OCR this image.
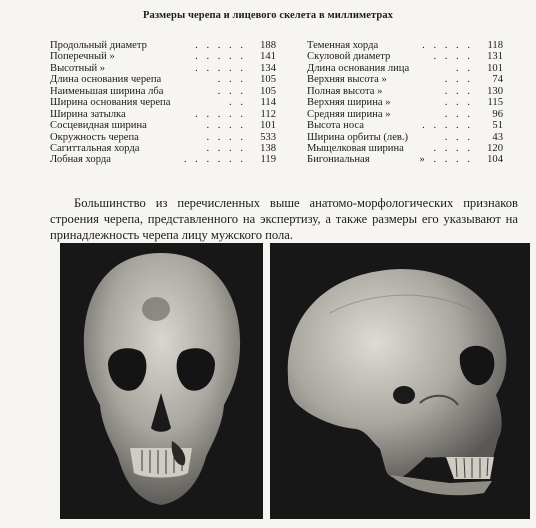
Размеры черепа и лицевого скелета в миллиметрах
Продольный диаметр	. . . . . 188
Поперечный »	. . . . . 141
Высотный »	. . . . . 134
Длина основания черепа	. . . 105
Наименьшая ширина лба	. . . 105
Ширина основания черепа	. . 114
Ширина затылка	. . . . . 112
Сосцевидная ширина	. . . . 101
Окружность черепа	. . . . 533
Сагиттальная хорда	. . . . 138
Лобная хорда	. . . . . . 119
Теменная хорда	. . . . . 118
Скуловой диаметр	. . . . 131
Длина основания лица	. . 101
Верхняя высота »	. . . 74
Полная высота »	. . . 130
Верхняя ширина »	. . . 115
Средняя ширина »	. . . 96
Высота носа	. . . . . 51
Ширина орбиты (лев.)	. . . 43
Мыщелковая ширина	. . . . 120
Бигониальная	» . . . . 104

Большинство из перечисленных выше анатомо-морфологических признаков строения черепа, представленного на экспертизу, а также размеры его указывают на принадлежность черепа лицу мужского пола.
